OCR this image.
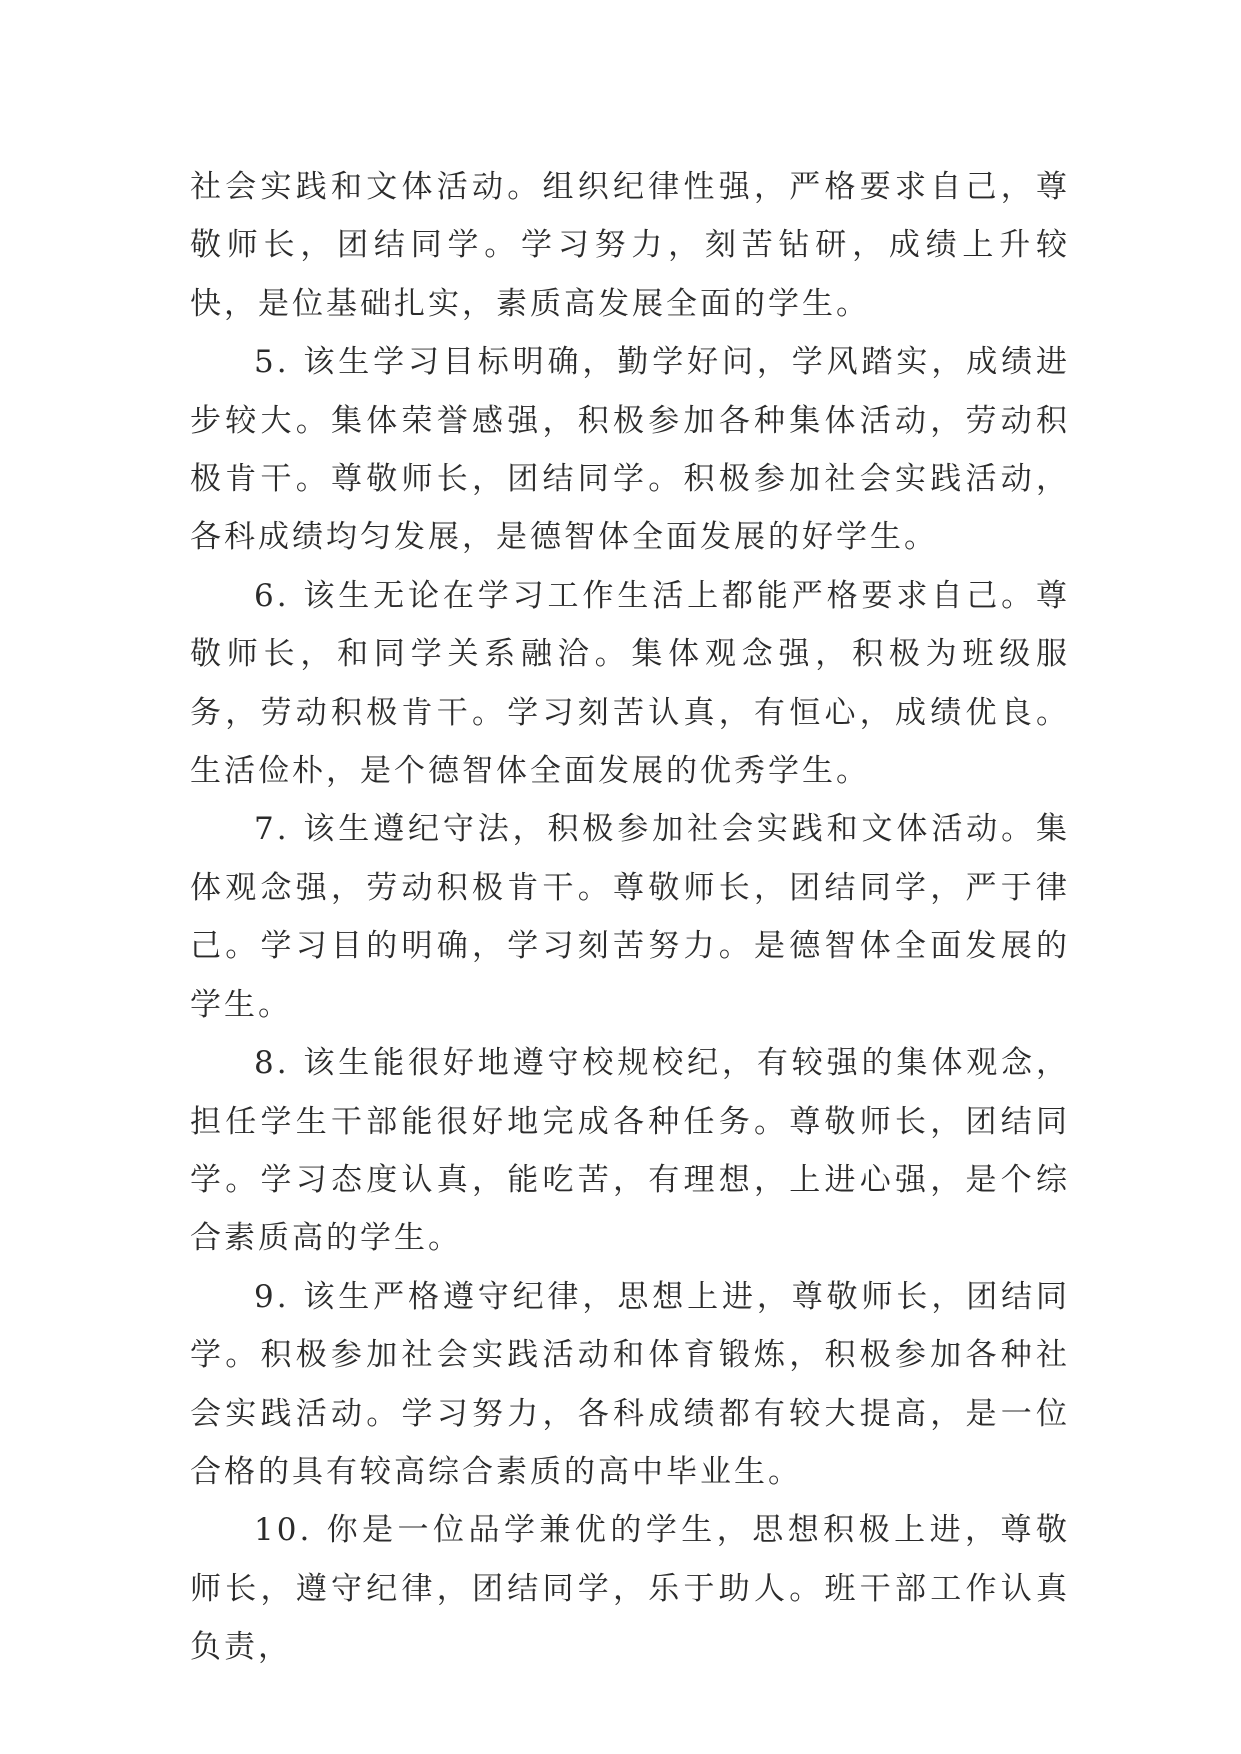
社会实践和文体活动。组织纪律性强，严格要求自己，尊敬师长，团结同学。学习努力，刻苦钻研，成绩上升较快，是位基础扎实，素质高发展全面的学生。

5. 该生学习目标明确，勤学好问，学风踏实，成绩进步较大。集体荣誉感强，积极参加各种集体活动，劳动积极肯干。尊敬师长，团结同学。积极参加社会实践活动，各科成绩均匀发展，是德智体全面发展的好学生。

6. 该生无论在学习工作生活上都能严格要求自己。尊敬师长，和同学关系融洽。集体观念强，积极为班级服务，劳动积极肯干。学习刻苦认真，有恒心，成绩优良。生活俭朴，是个德智体全面发展的优秀学生。

7. 该生遵纪守法，积极参加社会实践和文体活动。集体观念强，劳动积极肯干。尊敬师长，团结同学，严于律己。学习目的明确，学习刻苦努力。是德智体全面发展的学生。

8. 该生能很好地遵守校规校纪，有较强的集体观念，担任学生干部能很好地完成各种任务。尊敬师长，团结同学。学习态度认真，能吃苦，有理想，上进心强，是个综合素质高的学生。

9. 该生严格遵守纪律，思想上进，尊敬师长，团结同学。积极参加社会实践活动和体育锻炼，积极参加各种社会实践活动。学习努力，各科成绩都有较大提高，是一位合格的具有较高综合素质的高中毕业生。

10. 你是一位品学兼优的学生，思想积极上进，尊敬师长，遵守纪律，团结同学，乐于助人。班干部工作认真负责，
